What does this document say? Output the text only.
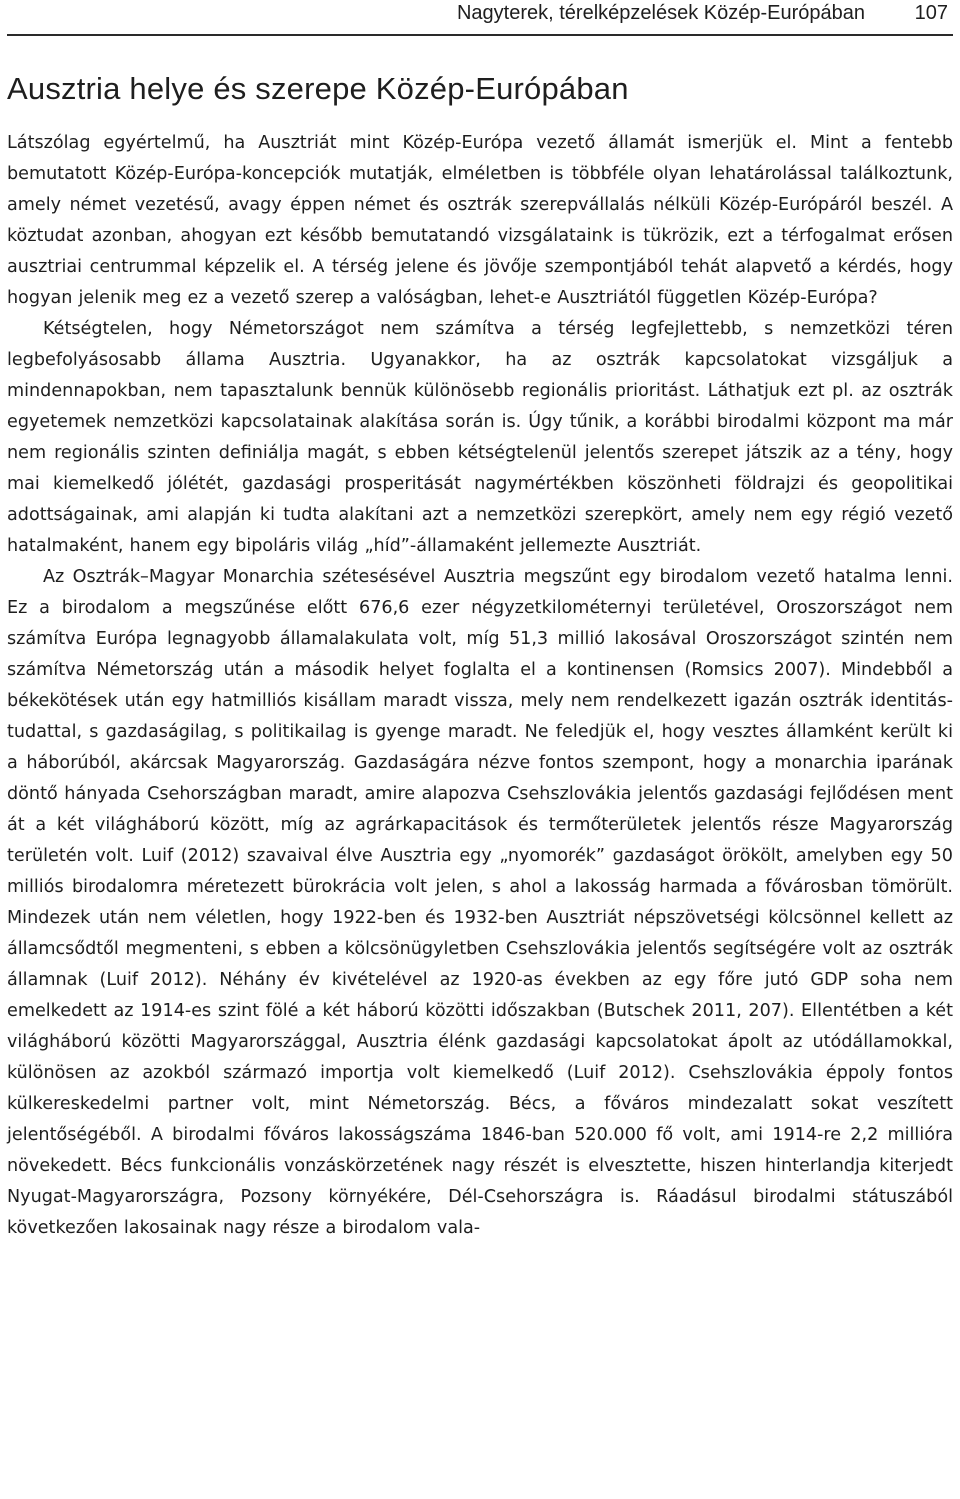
Nagyterek, térelképzelések Közép-Európában 107
Ausztria helye és szerepe Közép-Európában

Látszólag egyértelmű, ha Ausztriát mint Közép-Európa vezető államát ismerjük el. Mint a fentebb bemutatott Közép-Európa-koncepciók mutatják, elméletben is többféle olyan lehatárolással találkoztunk, amely német vezetésű, avagy éppen német és osztrák szerepvállalás nélküli Közép-Európáról beszél. A köztudat azonban, ahogyan ezt később bemutatandó vizsgálataink is tükrözik, ezt a térfogalmat erősen ausztriai centrummal képzelik el. A térség jelene és jövője szempontjából tehát alapvető a kérdés, hogy hogyan jelenik meg ez a vezető szerep a valóságban, lehet-e Ausztriától független Közép-Európa?

Kétségtelen, hogy Németországot nem számítva a térség legfejlettebb, s nemzetközi téren legbefolyásosabb állama Ausztria. Ugyanakkor, ha az osztrák kapcsolatokat vizsgáljuk a mindennapokban, nem tapasztalunk bennük különösebb regionális prioritást. Láthatjuk ezt pl. az osztrák egyetemek nemzetközi kapcsolatainak alakítása során is. Úgy tűnik, a korábbi birodalmi központ ma már nem regionális szinten definiálja magát, s ebben kétségtelenül jelentős szerepet játszik az a tény, hogy mai kiemelkedő jólétét, gazdasági prosperitását nagymértékben köszönheti földrajzi és geopolitikai adottságainak, ami alapján ki tudta alakítani azt a nemzetközi szerepkört, amely nem egy régió vezető hatalmaként, hanem egy bipoláris világ „híd”-államaként jellemezte Ausztriát.

Az Osztrák–Magyar Monarchia szétesésével Ausztria megszűnt egy birodalom vezető hatalma lenni. Ez a birodalom a megszűnése előtt 676,6 ezer négyzetkilométernyi területével, Oroszországot nem számítva Európa legnagyobb államalakulata volt, míg 51,3 millió lakosával Oroszországot szintén nem számítva Németország után a második helyet foglalta el a kontinensen (Romsics 2007). Mindebből a békekötések után egy hatmilliós kisállam maradt vissza, mely nem rendelkezett igazán osztrák identitástudattal, s gazdaságilag, s politikailag is gyenge maradt. Ne feledjük el, hogy vesztes államként került ki a háborúból, akárcsak Magyarország. Gazdaságára nézve fontos szempont, hogy a monarchia iparának döntő hányada Csehországban maradt, amire alapozva Csehszlovákia jelentős gazdasági fejlődésen ment át a két világháború között, míg az agrárkapacitások és termőterületek jelentős része Magyarország területén volt. Luif (2012) szavaival élve Ausztria egy „nyomorék” gazdaságot örökölt, amelyben egy 50 milliós birodalomra méretezett bürokrácia volt jelen, s ahol a lakosság harmada a fővárosban tömörült. Mindezek után nem véletlen, hogy 1922-ben és 1932-ben Ausztriát népszövetségi kölcsönnel kellett az államcsődtől megmenteni, s ebben a kölcsönügyletben Csehszlovákia jelentős segítségére volt az osztrák államnak (Luif 2012). Néhány év kivételével az 1920-as években az egy főre jutó GDP soha nem emelkedett az 1914-es szint fölé a két háború közötti időszakban (Butschek 2011, 207). Ellentétben a két világháború közötti Magyarországgal, Ausztria élénk gazdasági kapcsolatokat ápolt az utódállamokkal, különösen az azokból származó importja volt kiemelkedő (Luif 2012). Csehszlovákia éppoly fontos külkereskedelmi partner volt, mint Németország. Bécs, a főváros mindezalatt sokat veszített jelentőségéből. A birodalmi főváros lakosságszáma 1846-ban 520.000 fő volt, ami 1914-re 2,2 millióra növekedett. Bécs funkcionális vonzáskörzetének nagy részét is elvesztette, hiszen hinterlandja kiterjedt Nyugat-Magyarországra, Pozsony környékére, Dél-Csehországra is. Ráadásul birodalmi státuszából következően lakosainak nagy része a birodalom vala-
